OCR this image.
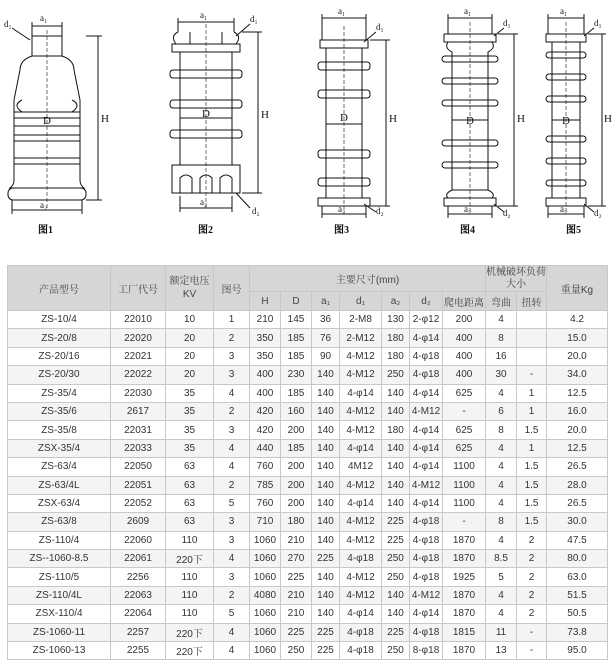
a₁
d₁
D	H
a₂
图1
a₁	d₁
D	H
a₂
d₂
图2
a₁
d₁
D	H
a₂	d₂
图3
a₁
d₁
D	H
a₂	d₂
图4
a₁
d₁
D	H
a₂	d₂
图5
产品型号	工厂代号	额定电压 KV	图号	主要尺寸(mm)							机械破坏负荷大小		重量Kg
				H	D	a₁	d₁	a₂	d₂	爬电距离	弯曲	扭转	
ZS-10/4	22010	10	1	210	145	36	2-M8	130	2-φ12	200	4		4.2
ZS-20/8	22020	20	2	350	185	76	2-M12	180	4-φ14	400	8		15.0
ZS-20/16	22021	20	3	350	185	90	4-M12	180	4-φ18	400	16		20.0
ZS-20/30	22022	20	3	400	230	140	4-M12	250	4-φ18	400	30	-	34.0
ZS-35/4	22030	35	4	400	185	140	4-φ14	140	4-φ14	625	4	1	12.5
ZS-35/6	2617	35	2	420	160	140	4-M12	140	4-M12	-	6	1	16.0
ZS-35/8	22031	35	3	420	200	140	4-M12	180	4-φ14	625	8	1.5	20.0
ZSX-35/4	22033	35	4	440	185	140	4-φ14	140	4-φ14	625	4	1	12.5
ZS-63/4	22050	63	4	760	200	140	4M12	140	4-φ14	1100	4	1.5	26.5
ZS-63/4L	22051	63	2	785	200	140	4-M12	140	4-M12	1100	4	1.5	28.0
ZSX-63/4	22052	63	5	760	200	140	4-φ14	140	4-φ14	1100	4	1.5	26.5
ZS-63/8	2609	63	3	710	180	140	4-M12	225	4-φ18	-	8	1.5	30.0
ZS-110/4	22060	110	3	1060	210	140	4-M12	225	4-φ18	1870	4	2	47.5
ZS--1060-8.5	22061	220下	4	1060	270	225	4-φ18	250	4-φ18	1870	8.5	2	80.0
ZS-110/5	2256	110	3	1060	225	140	4-M12	250	4-φ18	1925	5	2	63.0
ZS-110/4L	22063	110	2	4080	210	140	4-M12	140	4-M12	1870	4	2	51.5
ZSX-110/4	22064	110	5	1060	210	140	4-φ14	140	4-φ14	1870	4	2	50.5
ZS-1060-11	2257	220下	4	1060	225	225	4-φ18	225	4-φ18	1815	11	-	73.8
ZS-1060-13	2255	220下	4	1060	250	225	4-φ18	250	8-φ18	1870	13	-	95.0
